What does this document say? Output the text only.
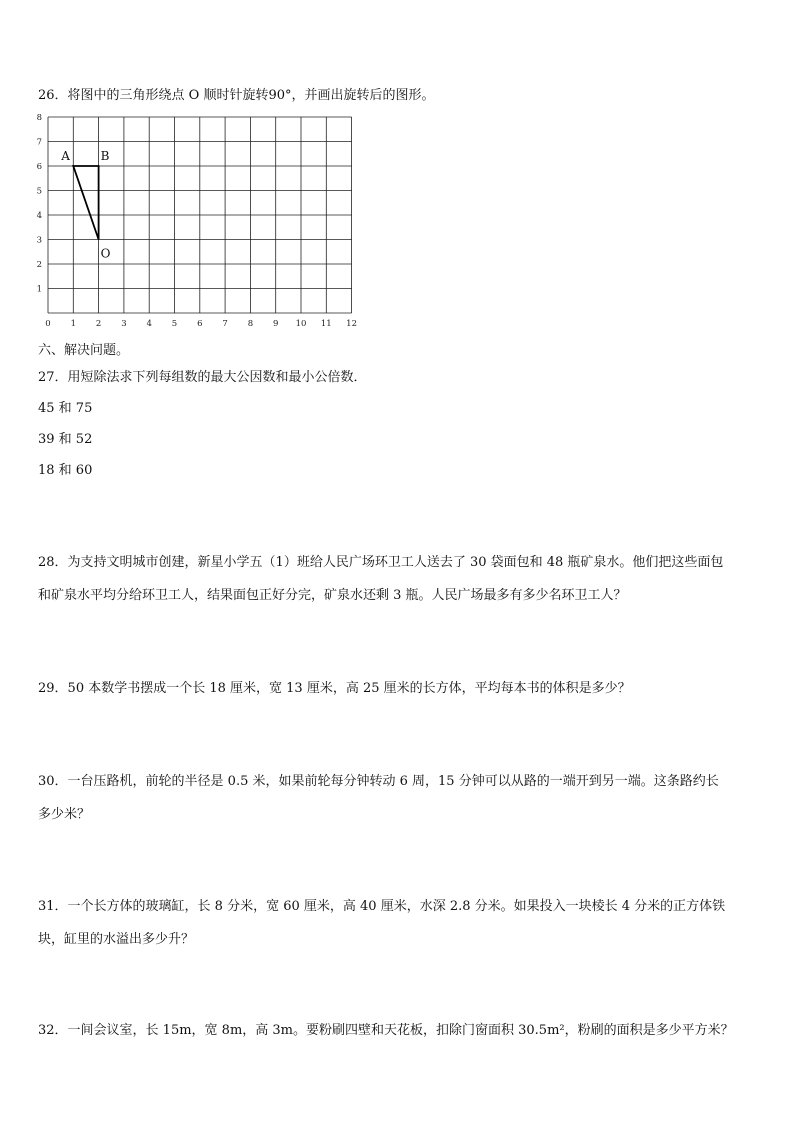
26．将图中的三角形绕点 O 顺时针旋转90°，并画出旋转后的图形。
0 1 2 3 4 5 6 7 8 9 10 11 12
1
2
3
4
5
6
7
8
A	B
O
六、解决问题。
27．用短除法求下列每组数的最大公因数和最小公倍数．
45 和 75
39 和 52
18 和 60
28．为支持文明城市创建，新星小学五（1）班给人民广场环卫工人送去了 30 袋面包和 48 瓶矿泉水。他们把这些面包
和矿泉水平均分给环卫工人，结果面包正好分完，矿泉水还剩 3 瓶。人民广场最多有多少名环卫工人？
29．50 本数学书摆成一个长 18 厘米，宽 13 厘米，高 25 厘米的长方体，平均每本书的体积是多少？
30．一台压路机，前轮的半径是 0.5 米，如果前轮每分钟转动 6 周，15 分钟可以从路的一端开到另一端。这条路约长
多少米？
31．一个长方体的玻璃缸，长 8 分米，宽 60 厘米，高 40 厘米，水深 2.8 分米。如果投入一块棱长 4 分米的正方体铁
块，缸里的水溢出多少升？
32．一间会议室，长 15m，宽 8m，高 3m。要粉刷四壁和天花板，扣除门窗面积 30.5m²，粉刷的面积是多少平方米？
